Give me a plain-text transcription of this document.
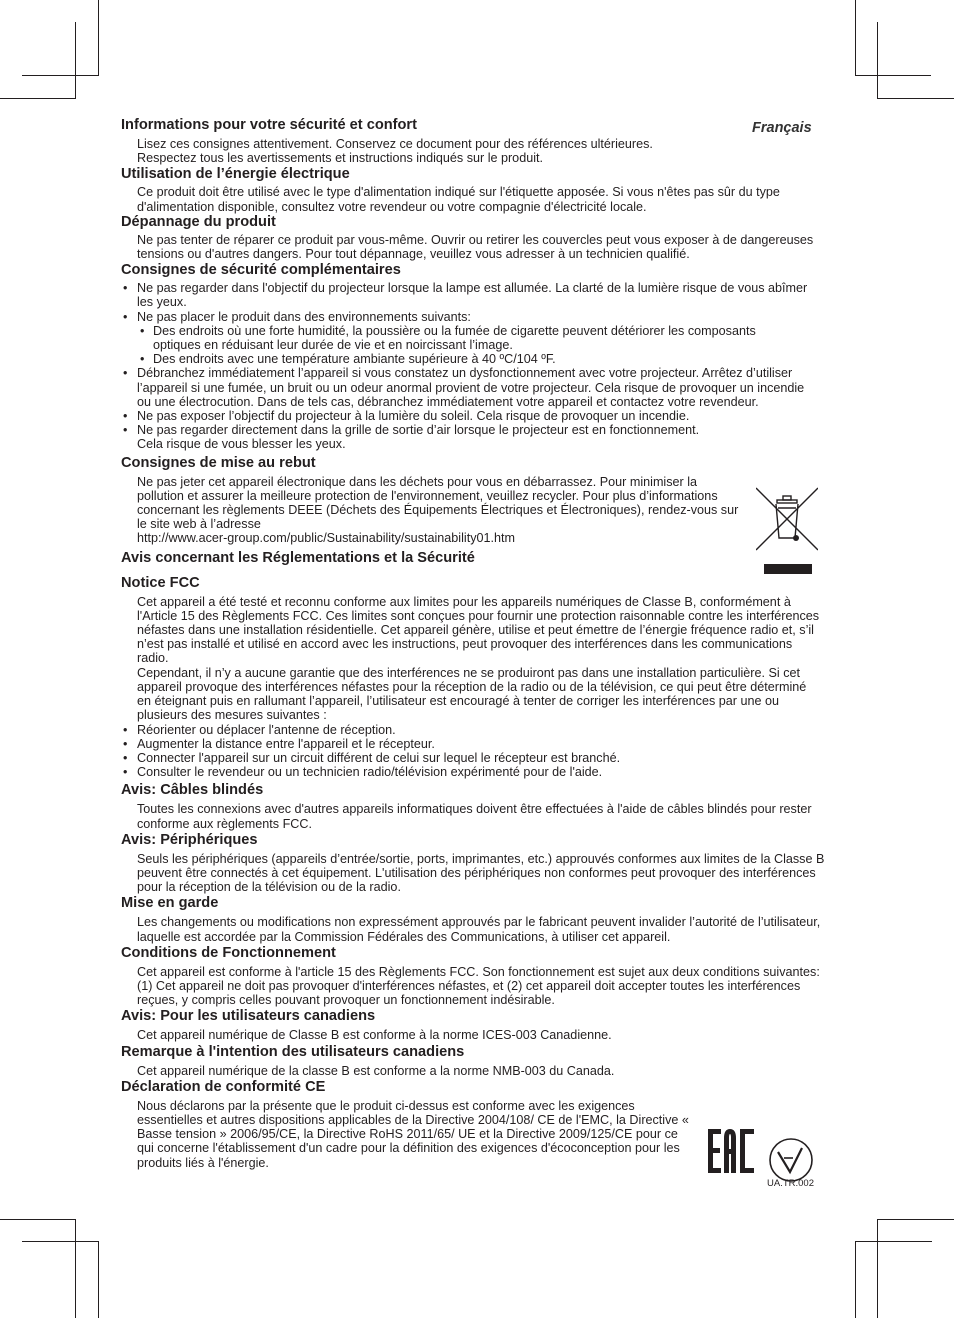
Français

Informations pour votre sécurité et confort

Lisez ces consignes attentivement. Conservez ce document pour des références ultérieures.

Respectez tous les avertissements et instructions indiqués sur le produit.

Utilisation de l’énergie électrique

Ce produit doit être utilisé avec le type d'alimentation indiqué sur l'étiquette apposée. Si vous n'êtes pas sûr du type d'alimentation disponible, consultez votre revendeur ou votre compagnie d'électricité locale.

Dépannage du produit

Ne pas tenter de réparer ce produit par vous-même. Ouvrir ou retirer les couvercles peut vous exposer à de dangereuses tensions ou d'autres dangers. Pour tout dépannage, veuillez vous adresser à un technicien qualifié.

Consignes de sécurité complémentaires

• Ne pas regarder dans l'objectif du projecteur lorsque la lampe est allumée. La clarté de la lumière risque de vous abîmer les yeux.

• Ne pas placer le produit dans des environnements suivants:

• Des endroits où une forte humidité, la poussière ou la fumée de cigarette peuvent détériorer les composants optiques en réduisant leur durée de vie et en noircissant l’image.

• Des endroits avec une température ambiante supérieure à 40 ºC/104 ºF.

• Débranchez immédiatement l’appareil si vous constatez un dysfonctionnement avec votre projecteur. Arrêtez d’utiliser l’appareil si une fumée, un bruit ou un odeur anormal provient de votre projecteur. Cela risque de provoquer un incendie ou une électrocution. Dans de tels cas, débranchez immédiatement votre appareil et contactez votre revendeur.

• Ne pas exposer l’objectif du projecteur à la lumière du soleil. Cela risque de provoquer un incendie.

• Ne pas regarder directement dans la grille de sortie d’air lorsque le projecteur est en fonctionnement.

Cela risque de vous blesser les yeux.

Consignes de mise au rebut

Ne pas jeter cet appareil électronique dans les déchets pour vous en débarrassez. Pour minimiser la pollution et assurer la meilleure protection de l'environnement, veuillez recycler. Pour plus d’informations concernant les règlements DEEE (Déchets des Équipements Électriques et Électroniques), rendez-vous sur le site web à l’adresse

http://www.acer-group.com/public/Sustainability/sustainability01.htm

Avis concernant les Réglementations et la Sécurité

Notice FCC

Cet appareil a été testé et reconnu conforme aux limites pour les appareils numériques de Classe B, conformément à l'Article 15 des Règlements FCC. Ces limites sont conçues pour fournir une protection raisonnable contre les interférences néfastes dans une installation résidentielle. Cet appareil génère, utilise et peut émettre de l’énergie fréquence radio et, s’il n’est pas installé et utilisé en accord avec les instructions, peut provoquer des interférences dans les communications radio.

Cependant, il n’y a aucune garantie que des interférences ne se produiront pas dans une installation particulière. Si cet appareil provoque des interférences néfastes pour la réception de la radio ou de la télévision, ce qui peut être déterminé en éteignant puis en rallumant l’appareil, l’utilisateur est encouragé à tenter de corriger les interférences par une ou plusieurs des mesures suivantes :

• Réorienter ou déplacer l'antenne de réception.

• Augmenter la distance entre l'appareil et le récepteur.

• Connecter l'appareil sur un circuit différent de celui sur lequel le récepteur est branché.

• Consulter le revendeur ou un technicien radio/télévision expérimenté pour de l'aide.

Avis: Câbles blindés

Toutes les connexions avec d'autres appareils informatiques doivent être effectuées à l'aide de câbles blindés pour rester conforme aux règlements FCC.

Avis: Périphériques

Seuls les périphériques (appareils d’entrée/sortie, ports, imprimantes, etc.) approuvés conformes aux limites de la Classe B peuvent être connectés à cet équipement. L'utilisation des périphériques non conformes peut provoquer des interférences pour la réception de la télévision ou de la radio.

Mise en garde

Les changements ou modifications non expressément approuvés par le fabricant peuvent invalider l’autorité de l’utilisateur, laquelle est accordée par la Commission Fédérales des Communications, à utiliser cet appareil.

Conditions de Fonctionnement

Cet appareil est conforme à l'article 15 des Règlements FCC. Son fonctionnement est sujet aux deux conditions suivantes: (1) Cet appareil ne doit pas provoquer d'interférences néfastes, et (2) cet appareil doit accepter toutes les interférences reçues, y compris celles pouvant provoquer un fonctionnement indésirable.

Avis: Pour les utilisateurs canadiens

Cet appareil numérique de Classe B est conforme à la norme ICES-003 Canadienne.

Remarque à l'intention des utilisateurs canadiens

Cet appareil numérique de la classe B est conforme a la norme NMB-003 du Canada.

Déclaration de conformité CE

Nous déclarons par la présente que le produit ci-dessus est conforme avec les exigences essentielles et autres dispositions applicables de la Directive 2004/108/ CE de l'EMC, la Directive « Basse tension » 2006/95/CE, la Directive RoHS 2011/65/ UE et la Directive 2009/125/CE pour ce qui concerne l'établissement d'un cadre pour la définition des exigences d'écoconception pour les produits liés à l'énergie.

UA.TR.002
